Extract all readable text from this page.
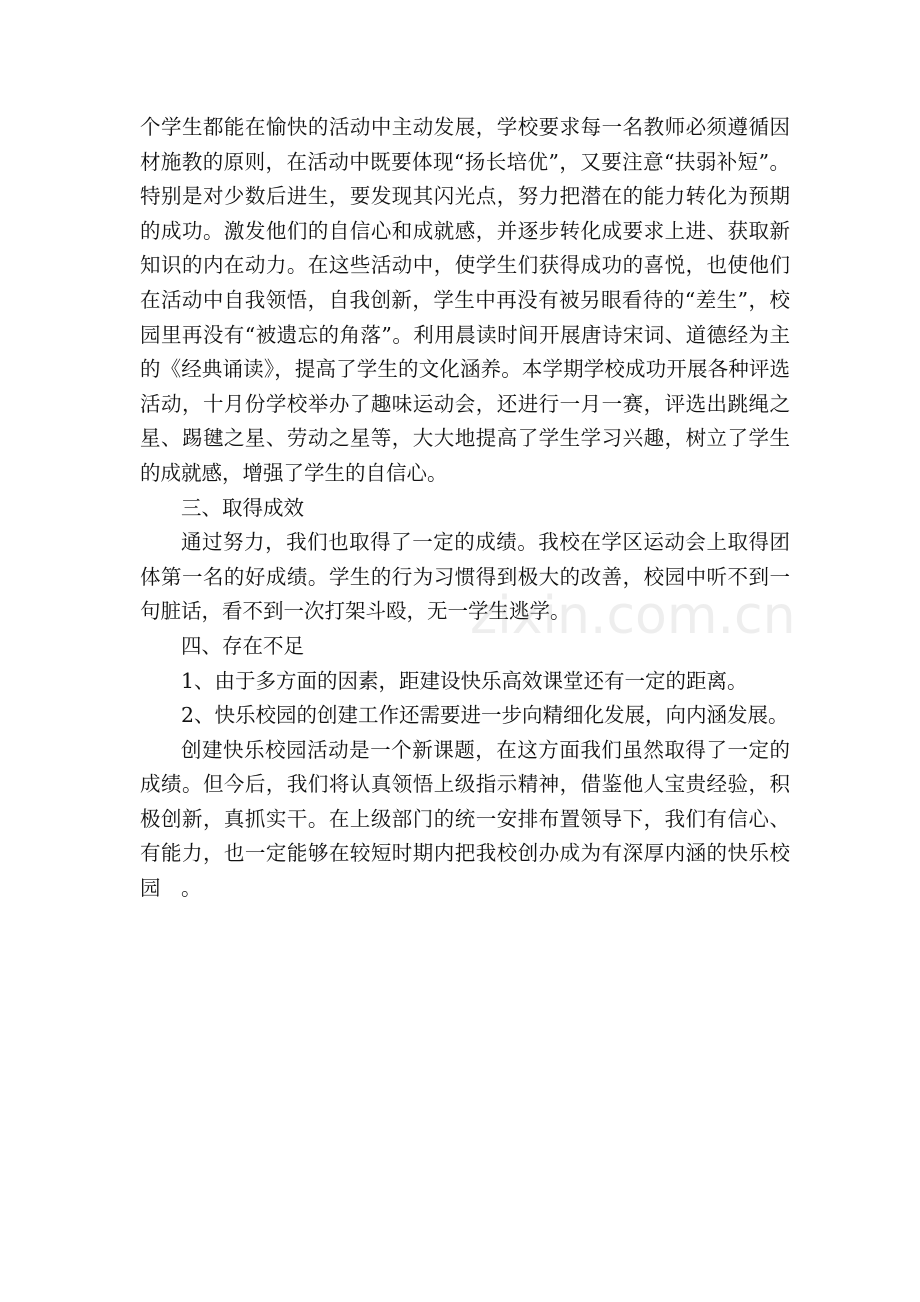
个学生都能在愉快的活动中主动发展，学校要求每一名教师必须遵循因材施教的原则，在活动中既要体现“扬长培优”，又要注意“扶弱补短”。特别是对少数后进生，要发现其闪光点，努力把潜在的能力转化为预期的成功。激发他们的自信心和成就感，并逐步转化成要求上进、获取新知识的内在动力。在这些活动中，使学生们获得成功的喜悦，也使他们在活动中自我领悟，自我创新，学生中再没有被另眼看待的“差生”，校园里再没有“被遗忘的角落”。利用晨读时间开展唐诗宋词、道德经为主的《经典诵读》，提高了学生的文化涵养。本学期学校成功开展各种评选活动，十月份学校举办了趣味运动会，还进行一月一赛，评选出跳绳之星、踢毽之星、劳动之星等，大大地提高了学生学习兴趣，树立了学生的成就感，增强了学生的自信心。

三、取得成效

通过努力，我们也取得了一定的成绩。我校在学区运动会上取得团体第一名的好成绩。学生的行为习惯得到极大的改善，校园中听不到一句脏话，看不到一次打架斗殴，无一学生逃学。

四、存在不足

1、由于多方面的因素，距建设快乐高效课堂还有一定的距离。

2、快乐校园的创建工作还需要进一步向精细化发展，向内涵发展。

创建快乐校园活动是一个新课题，在这方面我们虽然取得了一定的成绩。但今后，我们将认真领悟上级指示精神，借鉴他人宝贵经验，积极创新，真抓实干。在上级部门的统一安排布置领导下，我们有信心、有能力，也一定能够在较短时期内把我校创办成为有深厚内涵的快乐校园　。

zixin.com.cn
